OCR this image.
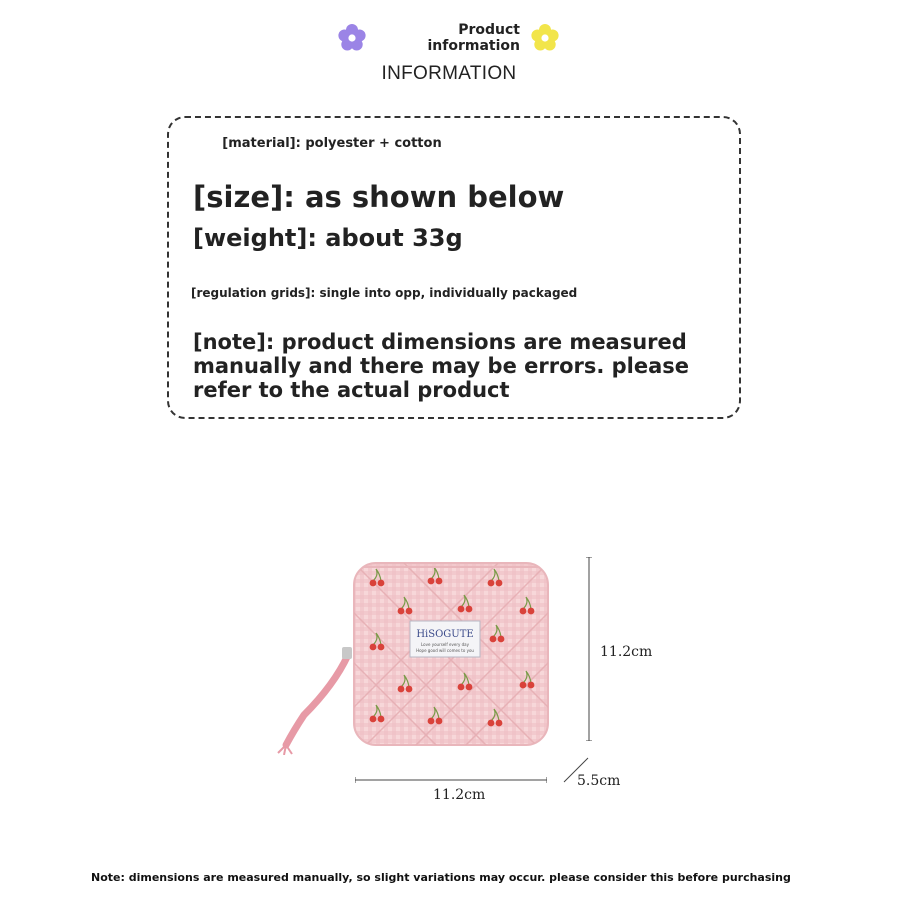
Product information
INFORMATION
[material]: polyester + cotton
[size]: as shown below
[weight]: about 33g
[regulation grids]: single into opp, individually packaged
[note]: product dimensions are measured manually and there may be errors. please refer to the actual product
HiSOGUTE
Love yourself every day
Hope good will comes to you	11.2cm
11.2cm
5.5cm
Note: dimensions are measured manually, so slight variations may occur. please consider this before purchasing
